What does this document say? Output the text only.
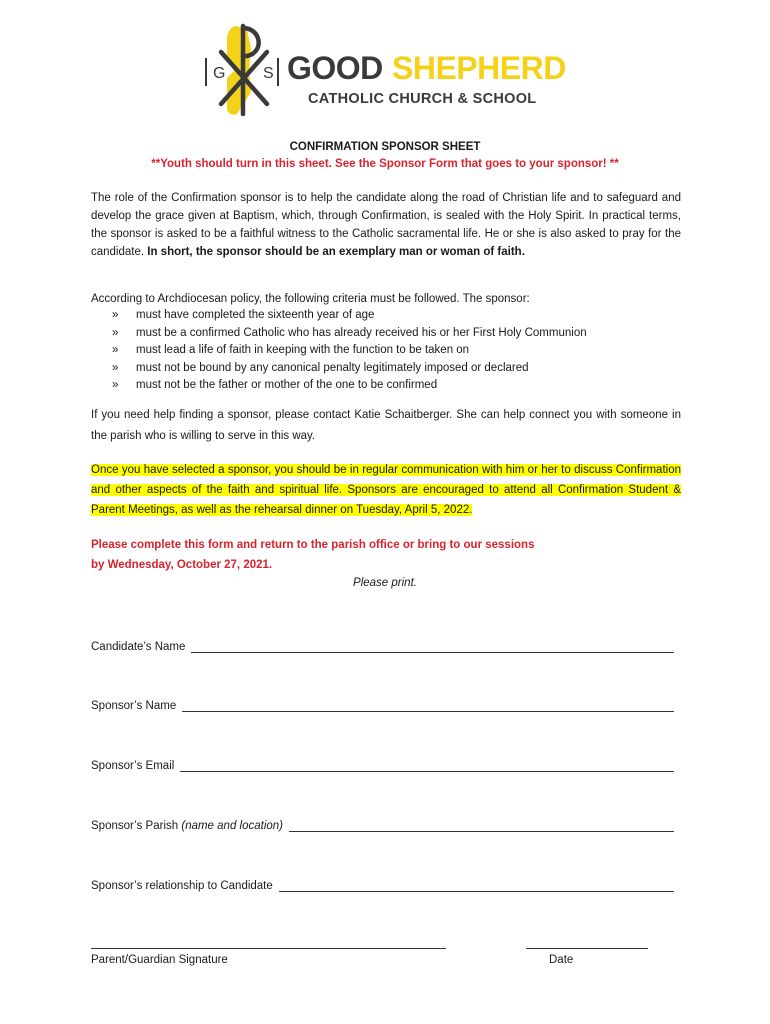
G S GOOD SHEPHERD
CATHOLIC CHURCH & SCHOOL
CONFIRMATION SPONSOR SHEET
**Youth should turn in this sheet. See the Sponsor Form that goes to your sponsor! **
The role of the Confirmation sponsor is to help the candidate along the road of Christian life and to safeguard and develop the grace given at Baptism, which, through Confirmation, is sealed with the Holy Spirit. In practical terms, the sponsor is asked to be a faithful witness to the Catholic sacramental life. He or she is also asked to pray for the candidate. In short, the sponsor should be an exemplary man or woman of faith.
According to Archdiocesan policy, the following criteria must be followed. The sponsor:
»	must have completed the sixteenth year of age
»	must be a confirmed Catholic who has already received his or her First Holy Communion
»	must lead a life of faith in keeping with the function to be taken on
»	must not be bound by any canonical penalty legitimately imposed or declared
»	must not be the father or mother of the one to be confirmed
If you need help finding a sponsor, please contact Katie Schaitberger. She can help connect you with someone in the parish who is willing to serve in this way.
Once you have selected a sponsor, you should be in regular communication with him or her to discuss Confirmation and other aspects of the faith and spiritual life. Sponsors are encouraged to attend all Confirmation Student & Parent Meetings, as well as the rehearsal dinner on Tuesday, April 5, 2022.
Please complete this form and return to the parish office or bring to our sessions
by Wednesday, October 27, 2021.
Please print.
Candidate’s Name
Sponsor’s Name
Sponsor’s Email
Sponsor’s Parish
(name and location)
Sponsor’s relationship to Candidate
Parent/Guardian Signature	Date
